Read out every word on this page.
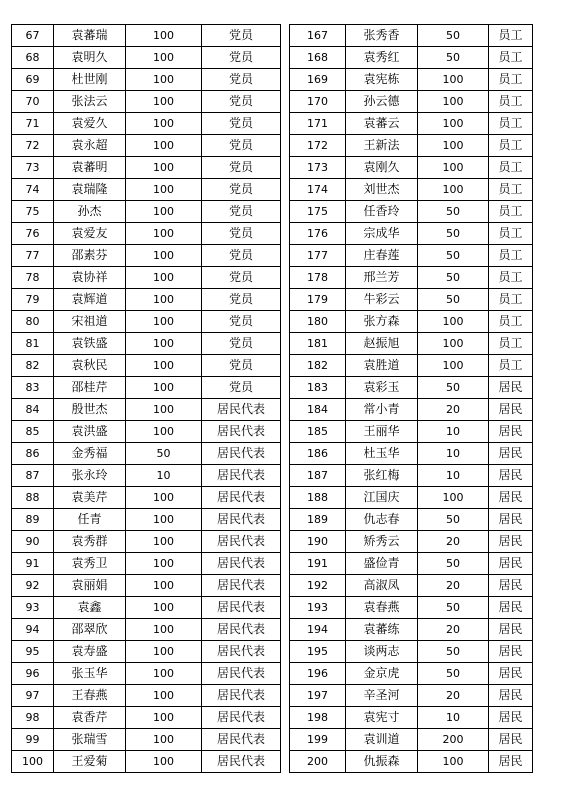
67	袁蕃瑞	100	党员
68	袁明久	100	党员
69	杜世刚	100	党员
70	张法云	100	党员
71	袁爱久	100	党员
72	袁永超	100	党员
73	袁蕃明	100	党员
74	袁瑞隆	100	党员
75	孙杰	100	党员
76	袁爱友	100	党员
77	邵素芬	100	党员
78	袁协祥	100	党员
79	袁辉道	100	党员
80	宋祖道	100	党员
81	袁铁盛	100	党员
82	袁秋民	100	党员
83	邵桂芹	100	党员
84	殷世杰	100	居民代表
85	袁洪盛	100	居民代表
86	金秀福	50	居民代表
87	张永玲	10	居民代表
88	袁美芹	100	居民代表
89	任青	100	居民代表
90	袁秀群	100	居民代表
91	袁秀卫	100	居民代表
92	袁丽娟	100	居民代表
93	袁鑫	100	居民代表
94	邵翠欣	100	居民代表
95	袁寿盛	100	居民代表
96	张玉华	100	居民代表
97	王春燕	100	居民代表
98	袁香芹	100	居民代表
99	张瑞雪	100	居民代表
100	王爱菊	100	居民代表
167	张秀香	50	员工
168	袁秀红	50	员工
169	袁宪栋	100	员工
170	孙云德	100	员工
171	袁蕃云	100	员工
172	王新法	100	员工
173	袁刚久	100	员工
174	刘世杰	100	员工
175	任香玲	50	员工
176	宗成华	50	员工
177	庄春莲	50	员工
178	邢兰芳	50	员工
179	牛彩云	50	员工
180	张方森	100	员工
181	赵振旭	100	员工
182	袁胜道	100	员工
183	袁彩玉	50	居民
184	常小青	20	居民
185	王丽华	10	居民
186	杜玉华	10	居民
187	张红梅	10	居民
188	江国庆	100	居民
189	仇志春	50	居民
190	矫秀云	20	居民
191	盛俭青	50	居民
192	高淑凤	20	居民
193	袁春燕	50	居民
194	袁蕃练	20	居民
195	谈两志	50	居民
196	金京虎	50	居民
197	辛圣河	20	居民
198	袁宪寸	10	居民
199	袁训道	200	居民
200	仇振森	100	居民
